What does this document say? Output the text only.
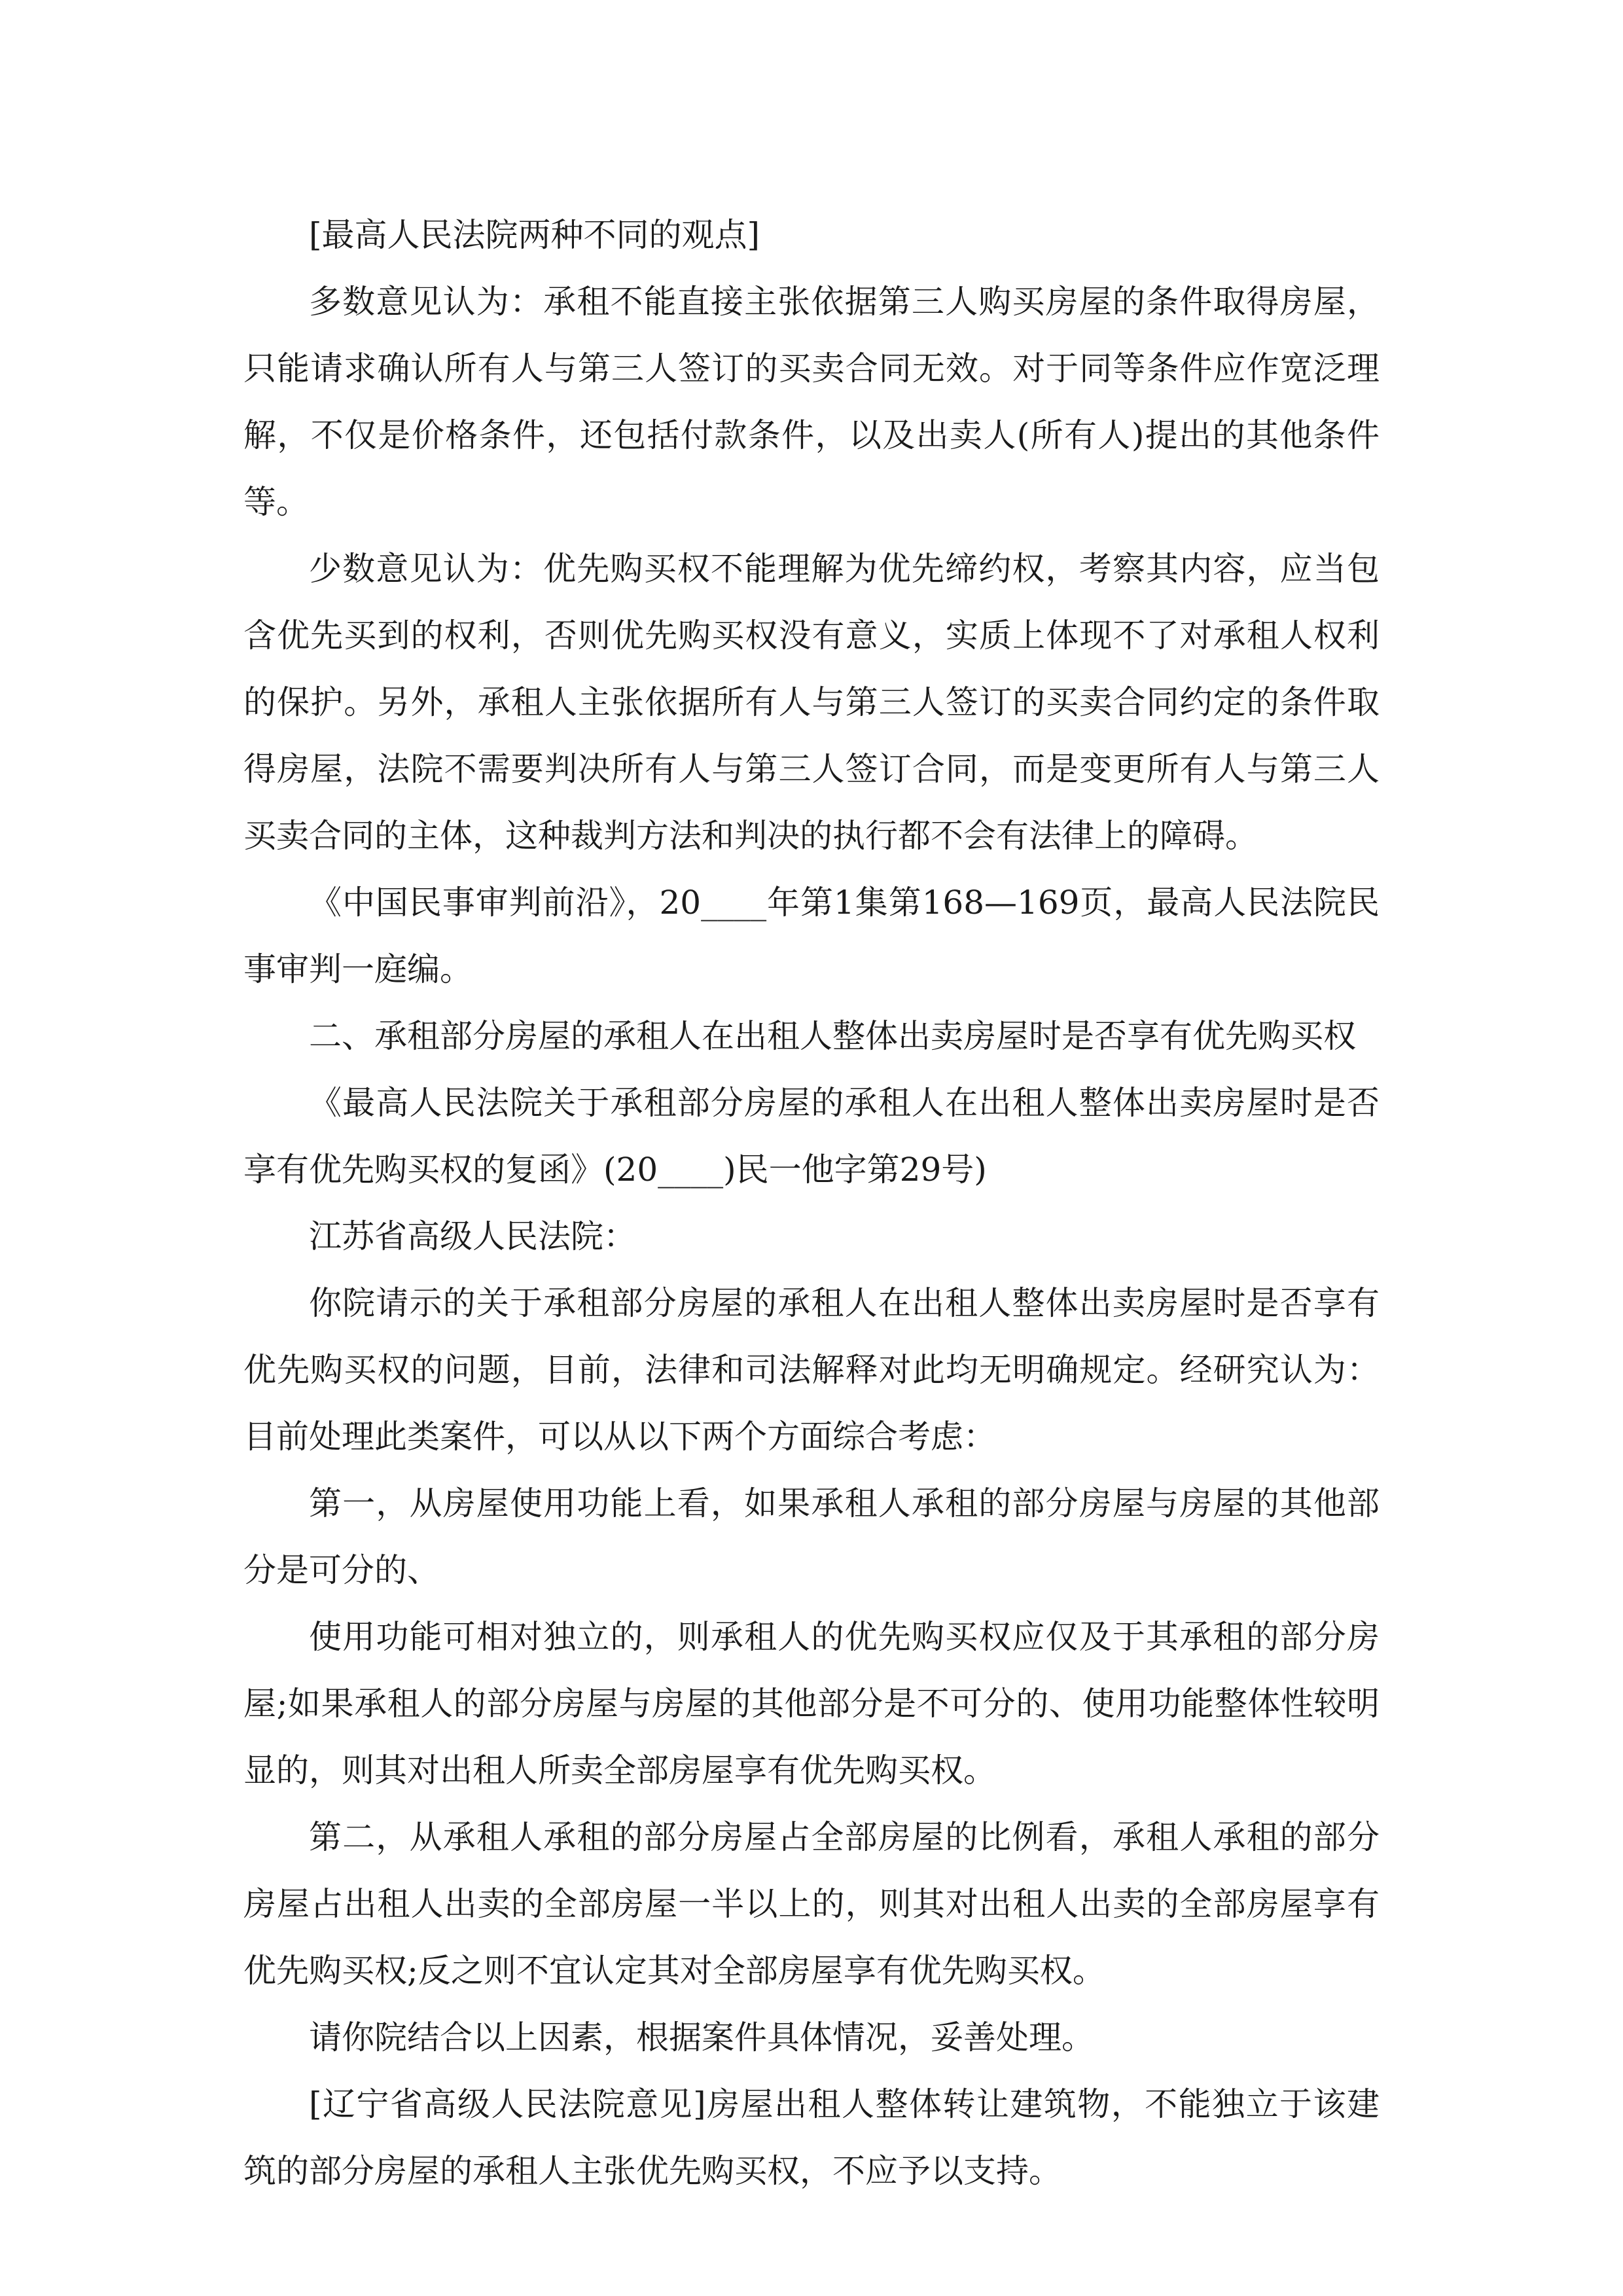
[最高人民法院两种不同的观点]

多数意见认为：承租不能直接主张依据第三人购买房屋的条件取得房屋，只能请求确认所有人与第三人签订的买卖合同无效。对于同等条件应作宽泛理解，不仅是价格条件，还包括付款条件，以及出卖人(所有人)提出的其他条件等。

少数意见认为：优先购买权不能理解为优先缔约权，考察其内容，应当包含优先买到的权利，否则优先购买权没有意义，实质上体现不了对承租人权利的保护。另外，承租人主张依据所有人与第三人签订的买卖合同约定的条件取得房屋，法院不需要判决所有人与第三人签订合同，而是变更所有人与第三人买卖合同的主体，这种裁判方法和判决的执行都不会有法律上的障碍。

《中国民事审判前沿》，20____年第1集第168—169页，最高人民法院民事审判一庭编。

二、承租部分房屋的承租人在出租人整体出卖房屋时是否享有优先购买权

《最高人民法院关于承租部分房屋的承租人在出租人整体出卖房屋时是否享有优先购买权的复函》(20____)民一他字第29号)

江苏省高级人民法院：

你院请示的关于承租部分房屋的承租人在出租人整体出卖房屋时是否享有优先购买权的问题，目前，法律和司法解释对此均无明确规定。经研究认为：目前处理此类案件，可以从以下两个方面综合考虑：

第一，从房屋使用功能上看，如果承租人承租的部分房屋与房屋的其他部分是可分的、

使用功能可相对独立的，则承租人的优先购买权应仅及于其承租的部分房屋;如果承租人的部分房屋与房屋的其他部分是不可分的、使用功能整体性较明显的，则其对出租人所卖全部房屋享有优先购买权。

第二，从承租人承租的部分房屋占全部房屋的比例看，承租人承租的部分房屋占出租人出卖的全部房屋一半以上的，则其对出租人出卖的全部房屋享有优先购买权;反之则不宜认定其对全部房屋享有优先购买权。

请你院结合以上因素，根据案件具体情况，妥善处理。

[辽宁省高级人民法院意见]房屋出租人整体转让建筑物，不能独立于该建筑的部分房屋的承租人主张优先购买权，不应予以支持。
